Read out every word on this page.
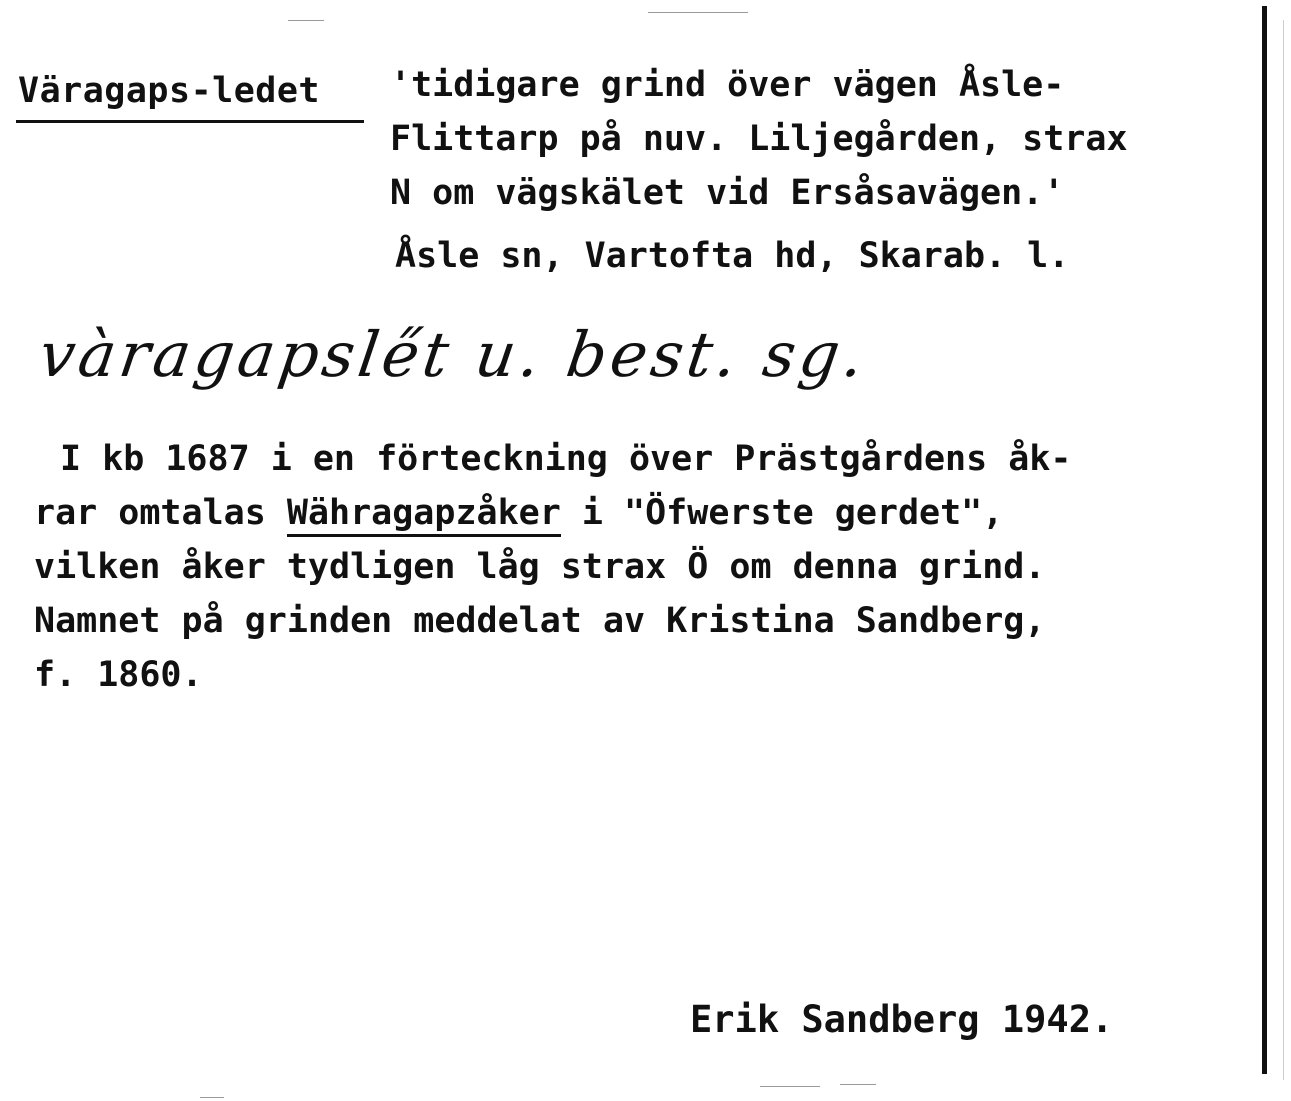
Väragaps-ledet 'tidigare grind över vägen Åsle-
Flittarp på nuv. Liljegården, strax
N om vägskälet vid Ersåsavägen.'
Åsle sn, Vartofta hd, Skarab. l.
vàragapsle̋t u. best. sg.
I kb 1687 i en förteckning över Prästgårdens åk-
rar omtalas Währagapzåker i "Öfwerste gerdet",
vilken åker tydligen låg strax Ö om denna grind.
Namnet på grinden meddelat av Kristina Sandberg,
f. 1860.
Erik Sandberg 1942.
